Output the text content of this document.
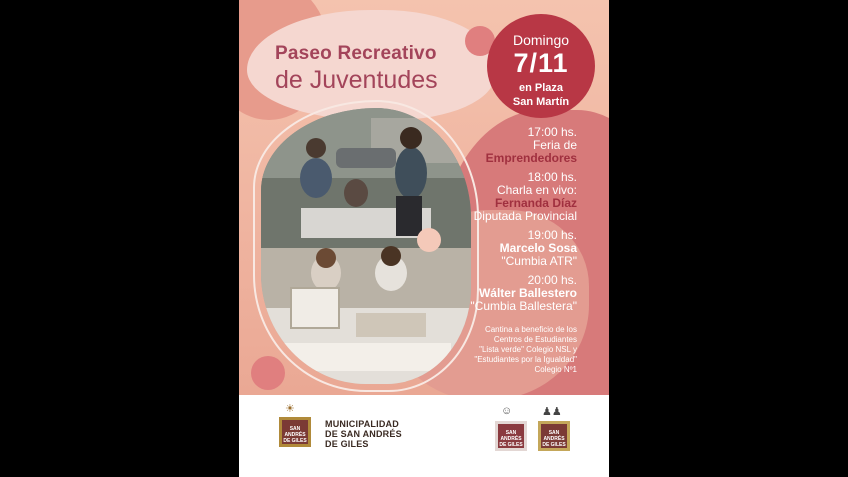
Paseo Recreativo
de Juventudes
Domingo
7/11
en Plaza
San Martín
17:00 hs.
Feria de
Emprendedores
18:00 hs.
Charla en vivo:
Fernanda Díaz
Diputada Provincial
19:00 hs.
Marcelo Sosa
"Cumbia ATR"
20:00 hs.
Wálter Ballestero
"Cumbia Ballestera"
Cantina a beneficio de los
Centros de Estudiantes
"Lista verde" Colegio NSL y
"Estudiantes por la Igualdad"
Colegio Nº1
☀
SAN ANDRÉS DE GILES
MUNICIPALIDAD
DE SAN ANDRÉS
DE GILES
☺
SAN ANDRÉS DE GILES
♟♟
SAN ANDRÉS DE GILES
